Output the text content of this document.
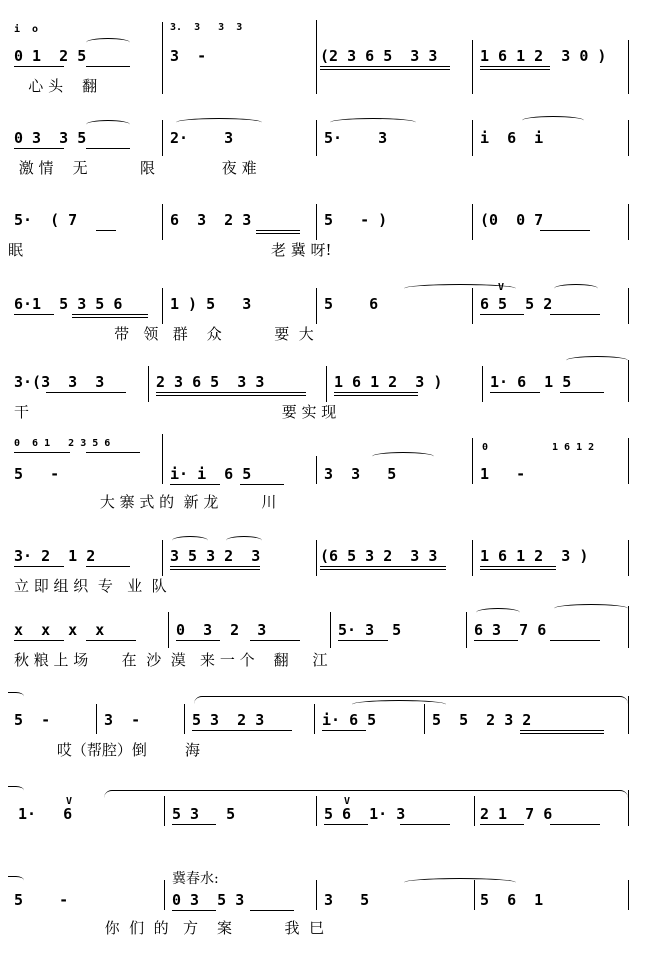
i  o	3.  3   3  3
0 1  2 5	3  -	(2 3 6 5  3 3	1 6 1 2  3 0 )
心 头    翻
0 3  3 5	2·    3	5·    3	i  6  i
激 情    无           限              夜 难
5·  ( 7	6  3  2 3	5   - )	(0  0 7
眠                                                    老 冀 呀!
6·1  5 3 5 6	1 ) 5   3	5    6	6 5  5 2
V
带   领   群    众           要  大
3·(3  3  3	2 3 6 5  3 3	1 6 1 2  3 )	1· 6  1 5
干                                                     要 实 现
0  6 1   2 3 5 6
5   -	i· i  6 5	3  3   5
0	1 6 1 2
1   -
大 寨 式 的  新 龙         川
3· 2  1 2	3 5 3 2  3	(6 5 3 2  3 3	1 6 1 2  3 )
立 即 组 织  专   业  队
x  x  x  x	0  3  2  3	5· 3  5	6 3  7 6
秋 粮 上 场       在  沙  漠   来 一 个    翻     江
5  -	3  -	5 3  2 3	i· 6 5	5  5  2 3 2
哎（帮腔）倒        海
V
1·   6	5 3   5
V
5 6  1· 3	2 1  7 6
冀春水:
5    -	0 3  5 3	3   5	5  6  1
你  们  的   方    案           我  巳
